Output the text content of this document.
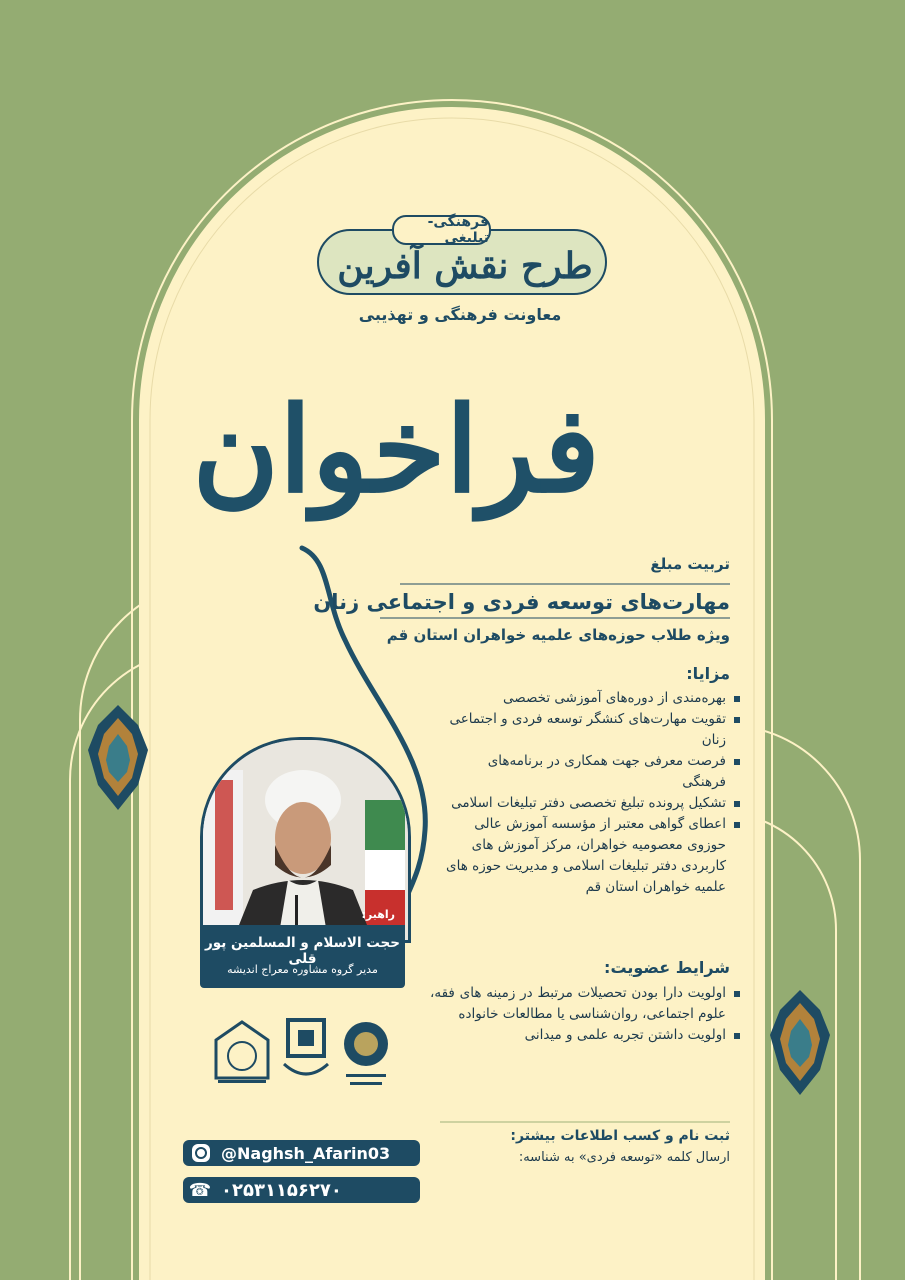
فرهنگی-تبلیغی
طرح نقش آفرین
معاونت فرهنگی و تهذیبی
فراخوان
تربیت مبلغ
مهارت‌های توسعه فردی و اجتماعی زنان
ویژه طلاب حوزه‌های علمیه خواهران استان قم
مزایا:
بهره‌مندی از دوره‌های آموزشی تخصصی
تقویت مهارت‌های کنشگر توسعه فردی و اجتماعی زنان
فرصت معرفی جهت همکاری در برنامه‌های فرهنگی
تشکیل پرونده تبلیغ تخصصی دفتر تبلیغات اسلامی
اعطای گواهی معتبر از مؤسسه آموزش عالی حوزوی معصومیه خواهران، مرکز آموزش های کاربردی دفتر تبلیغات اسلامی و مدیریت حوزه های علمیه خواهران استان قم
شرایط عضویت:
اولویت دارا بودن تحصیلات مرتبط در زمینه های فقه، علوم اجتماعی، روان‌شناسی یا مطالعات خانواده
اولویت داشتن تجربه علمی و میدانی
راهبر:
حجت الاسلام و المسلمین پور قلی
مدیر گروه مشاوره معراج اندیشه
ثبت نام و کسب اطلاعات بیشتر:
ارسال کلمه «توسعه فردی» به شناسه:
@Naghsh_Afarin03
☎ ۰۲۵۳۱۱۵۶۲۷۰
